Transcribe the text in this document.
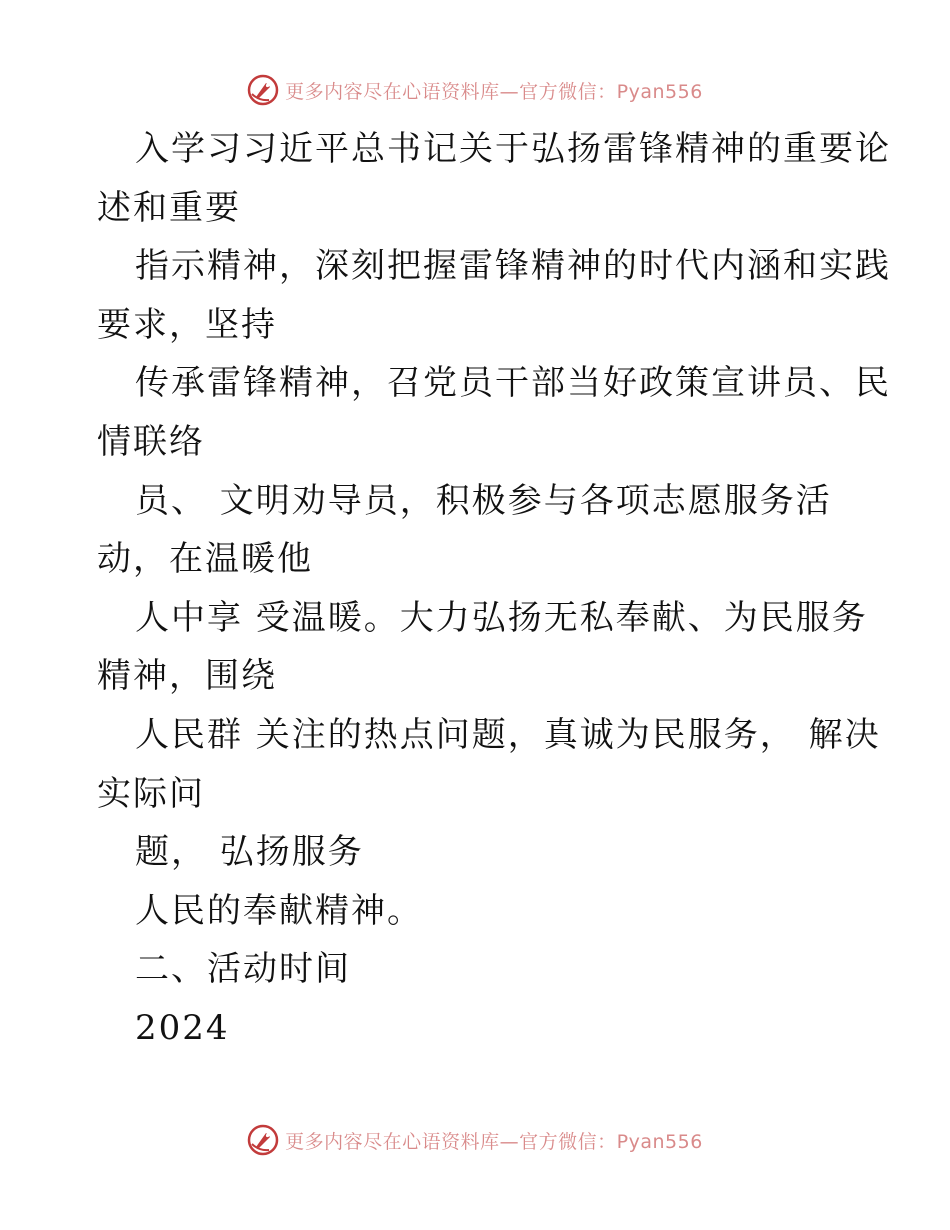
更多内容尽在心语资料库—官方微信：Pyan556
入学习习近平总书记关于弘扬雷锋精神的重要论
述和重要
指示精神，深刻把握雷锋精神的时代内涵和实践
要求，坚持
传承雷锋精神，召党员干部当好政策宣讲员、民
情联络
员、 文明劝导员，积极参与各项志愿服务活
动，在温暖他
人中享 受温暖。大力弘扬无私奉献、为民服务
精神，围绕
人民群 关注的热点问题，真诚为民服务， 解决
实际问
题， 弘扬服务
人民的奉献精神。
二、活动时间
2024
更多内容尽在心语资料库—官方微信：Pyan556
